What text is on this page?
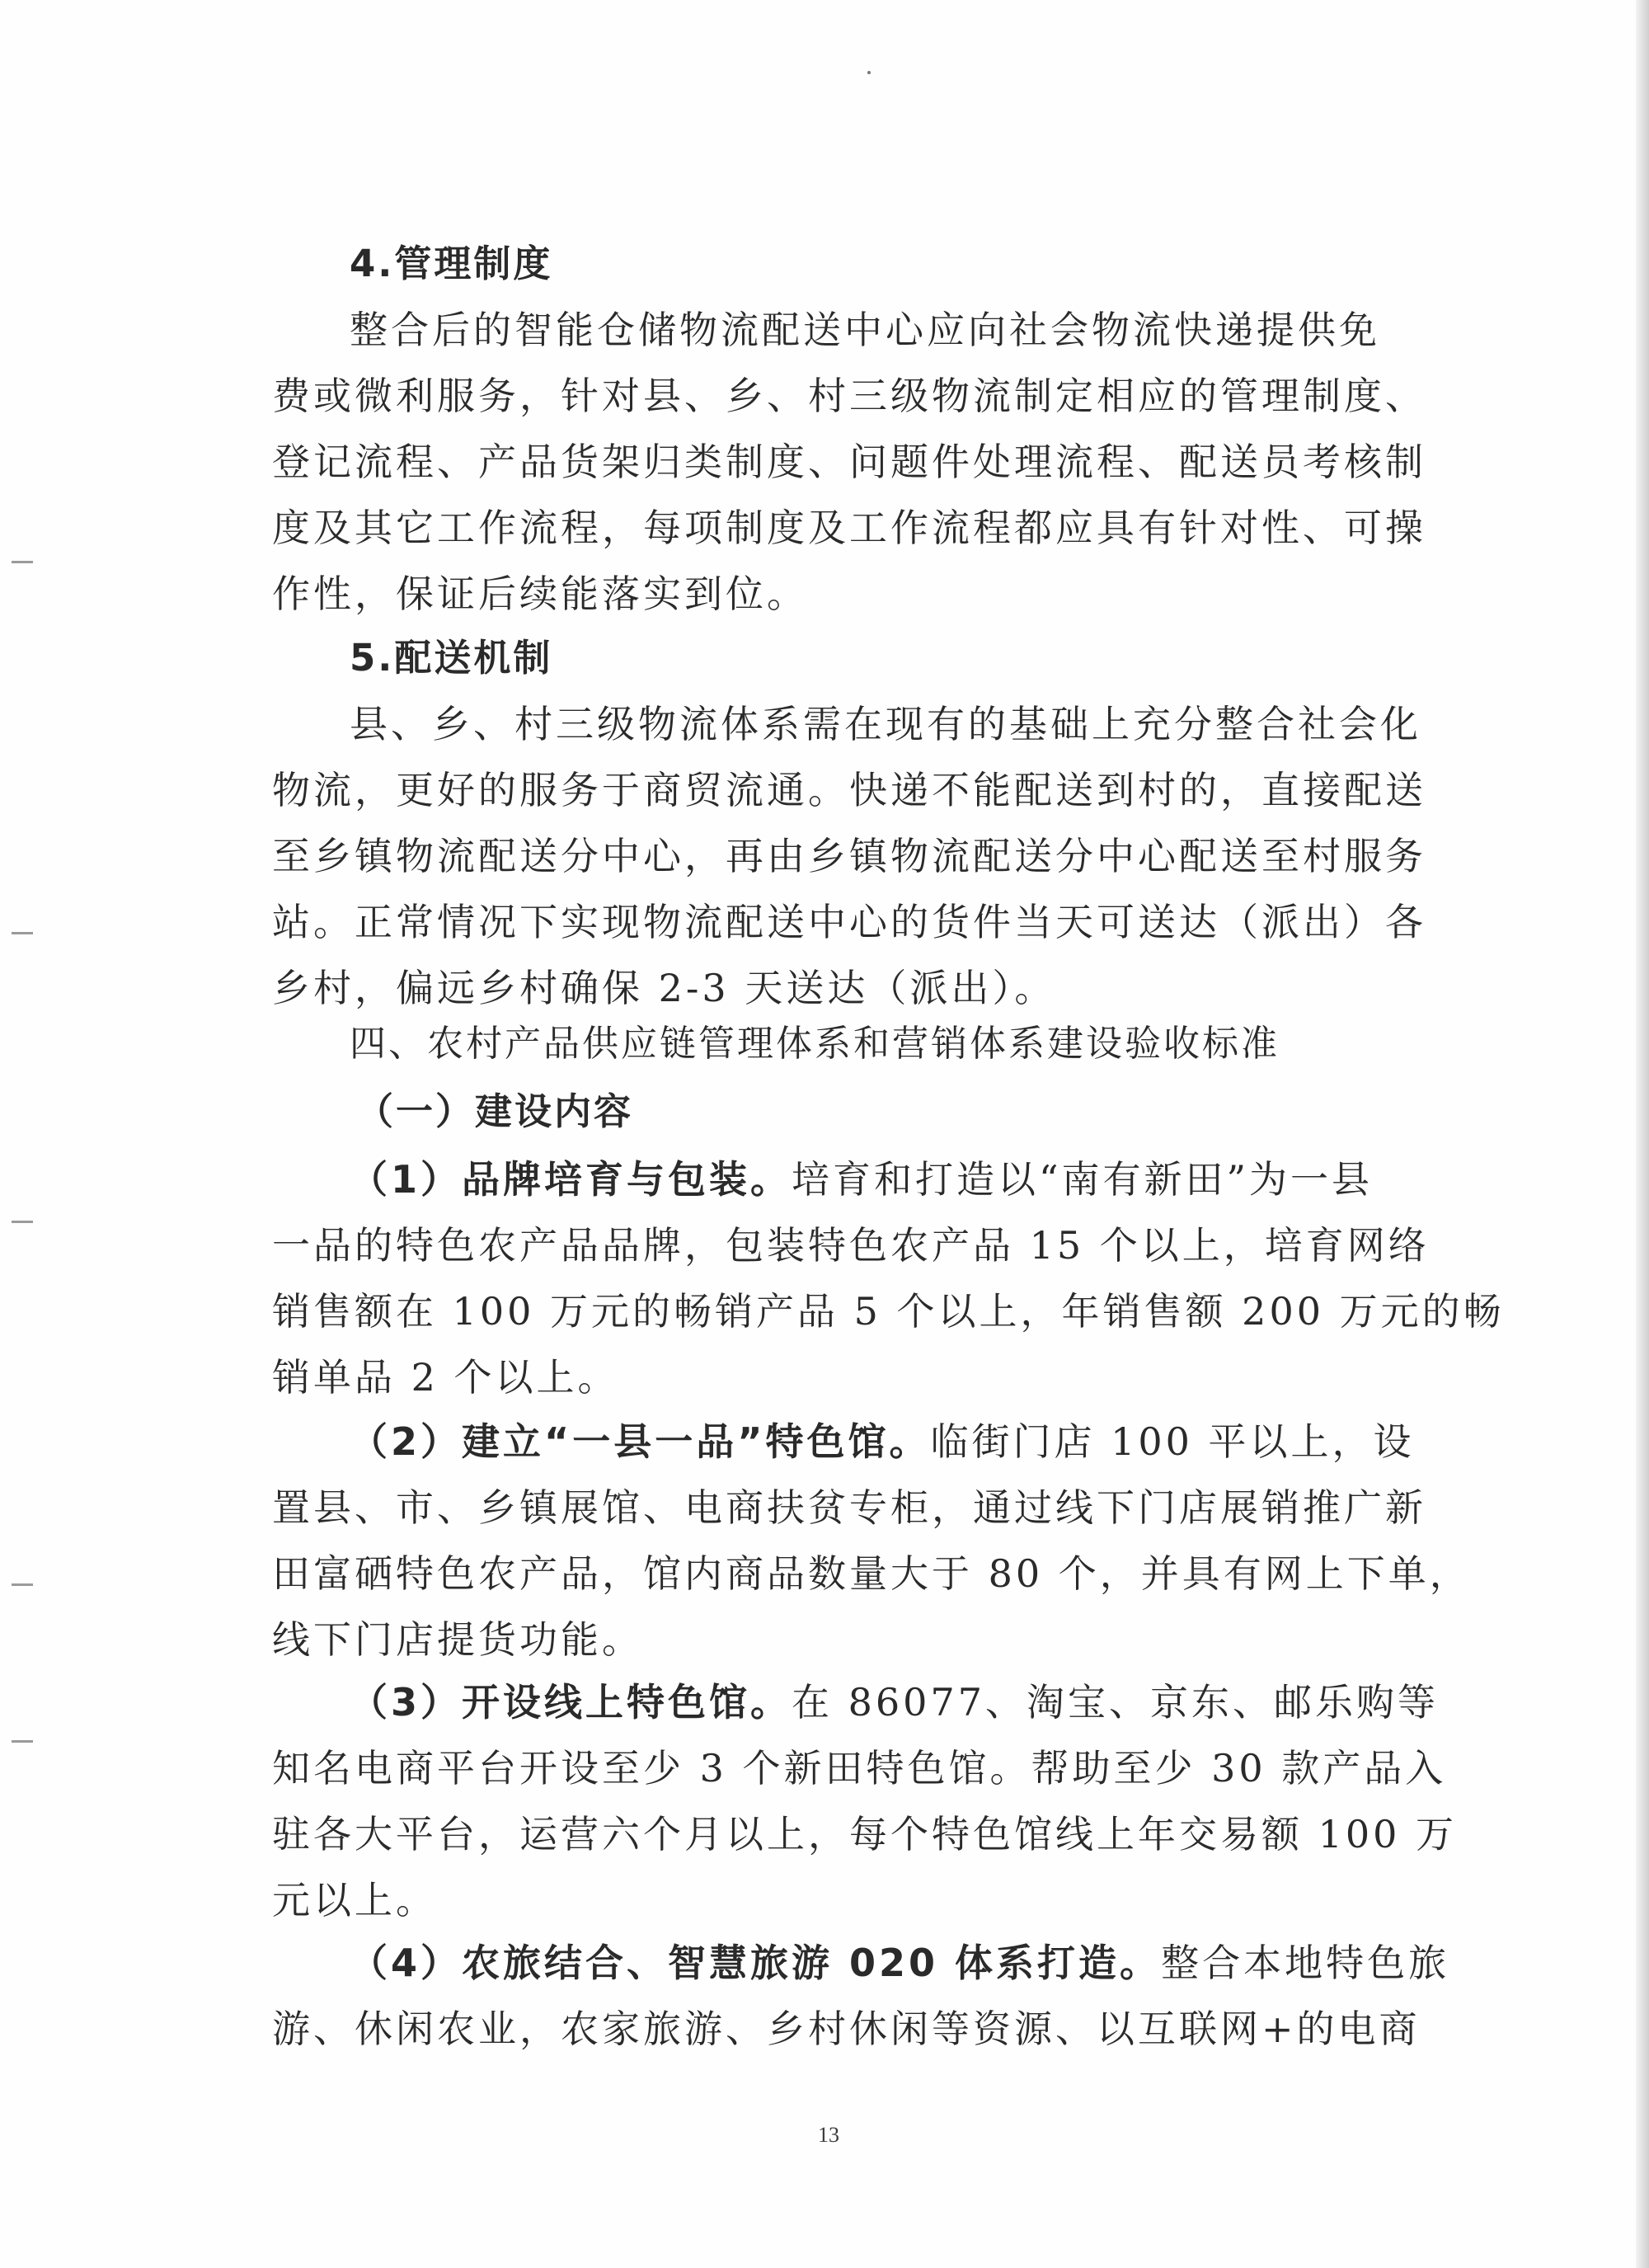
4.管理制度
整合后的智能仓储物流配送中心应向社会物流快递提供免
费或微利服务，针对县、乡、村三级物流制定相应的管理制度、
登记流程、产品货架归类制度、问题件处理流程、配送员考核制
度及其它工作流程，每项制度及工作流程都应具有针对性、可操
作性，保证后续能落实到位。
5.配送机制
县、乡、村三级物流体系需在现有的基础上充分整合社会化
物流，更好的服务于商贸流通。快递不能配送到村的，直接配送
至乡镇物流配送分中心，再由乡镇物流配送分中心配送至村服务
站。正常情况下实现物流配送中心的货件当天可送达（派出）各
乡村，偏远乡村确保 2-3 天送达（派出）。
四、农村产品供应链管理体系和营销体系建设验收标准
（一）建设内容
（1）品牌培育与包装。培育和打造以“南有新田”为一县
一品的特色农产品品牌，包装特色农产品 15 个以上，培育网络
销售额在 100 万元的畅销产品 5 个以上，年销售额 200 万元的畅
销单品 2 个以上。
（2）建立“一县一品”特色馆。临街门店 100 平以上，设
置县、市、乡镇展馆、电商扶贫专柜，通过线下门店展销推广新
田富硒特色农产品，馆内商品数量大于 80 个，并具有网上下单，
线下门店提货功能。
（3）开设线上特色馆。在 86077、淘宝、京东、邮乐购等
知名电商平台开设至少 3 个新田特色馆。帮助至少 30 款产品入
驻各大平台，运营六个月以上，每个特色馆线上年交易额 100 万
元以上。
（4）农旅结合、智慧旅游 020 体系打造。整合本地特色旅
游、休闲农业，农家旅游、乡村休闲等资源、以互联网+的电商
13
